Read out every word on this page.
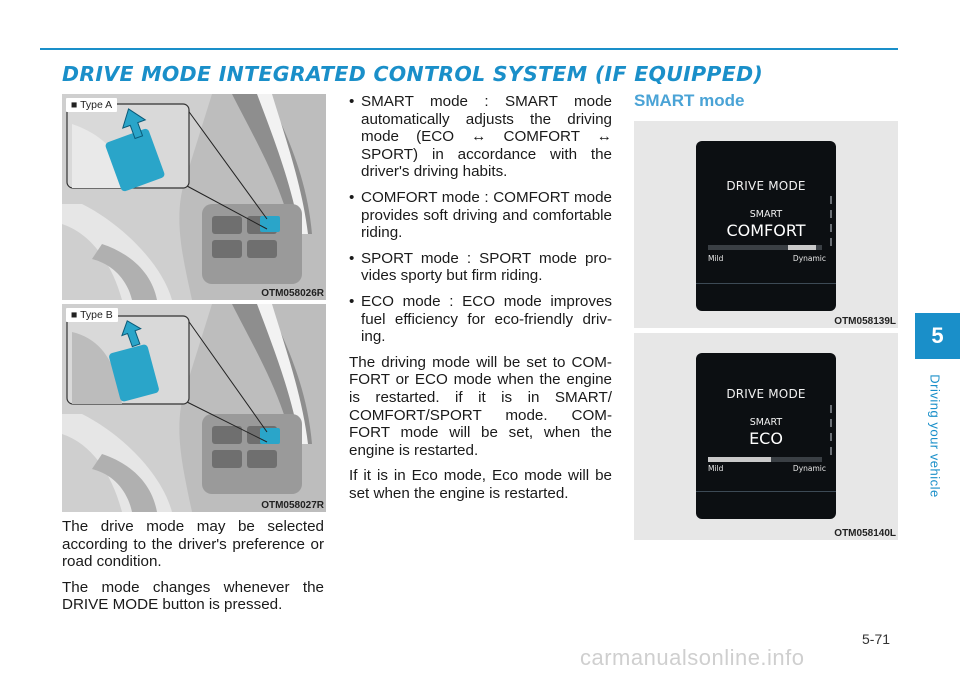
DRIVE MODE INTEGRATED CONTROL SYSTEM (IF EQUIPPED)
■ Type A
OTM058026R
■ Type B
OTM058027R

The drive mode may be selected according to the driver's preference or road condition.

The mode changes whenever the DRIVE MODE button is pressed.

• SMART mode : SMART mode automatically adjusts the driving mode (ECO ↔ COMFORT ↔ SPORT) in accordance with the driver's driving habits.
• COMFORT mode : COMFORT mode provides soft driving and comfortable riding.
• SPORT mode : SPORT mode pro-vides sporty but firm riding.
• ECO mode : ECO mode improves fuel efficiency for eco-friendly driv-ing.

The driving mode will be set to COM-FORT or ECO mode when the engine is restarted. if it is in SMART/ COMFORT/SPORT mode. COM-FORT mode will be set, when the engine is restarted.

If it is in Eco mode, Eco mode will be set when the engine is restarted.

SMART mode
DRIVE MODE
SMART
COMFORT
Mild	Dynamic
OTM058139L
DRIVE MODE
SMART
ECO
Mild	Dynamic
OTM058140L
5
Driving your vehicle
5-71
carmanualsonline.info
